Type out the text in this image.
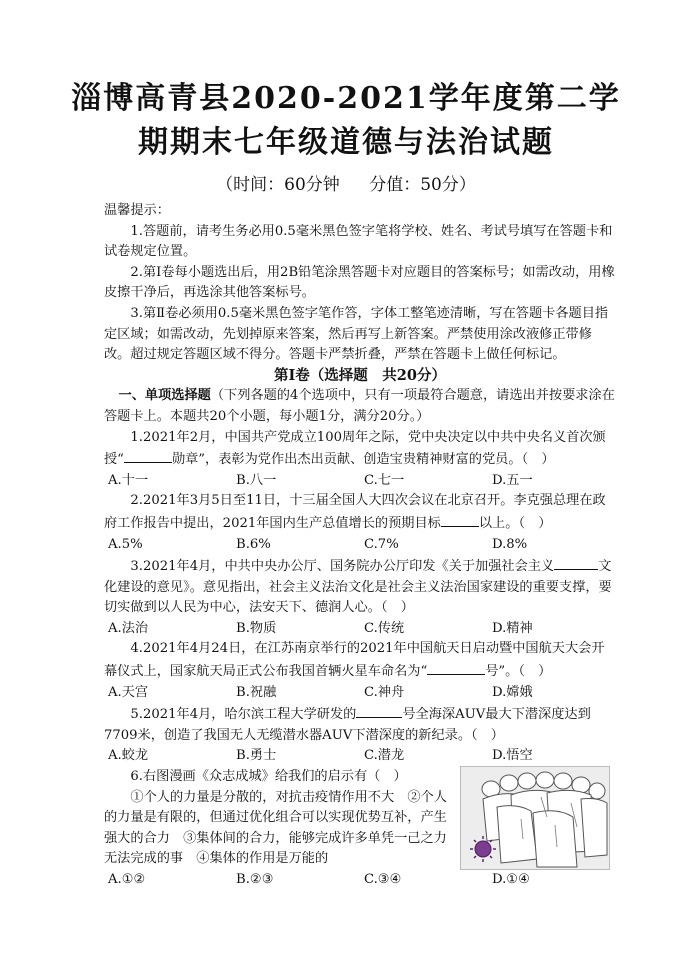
淄博高青县2020-2021学年度第二学
期期末七年级道德与法治试题
（时间：60分钟 分值：50分）

温馨提示：

1.答题前，请考生务必用0.5毫米黑色签字笔将学校、姓名、考试号填写在答题卡和试卷规定位置。

2.第Ⅰ卷每小题选出后，用2B铅笔涂黑答题卡对应题目的答案标号；如需改动，用橡皮擦干净后，再选涂其他答案标号。

3.第Ⅱ卷必须用0.5毫米黑色签字笔作答，字体工整笔迹清晰，写在答题卡各题目指定区域；如需改动，先划掉原来答案，然后再写上新答案。严禁使用涂改液修正带修改。超过规定答题区域不得分。答题卡严禁折叠，严禁在答题卡上做任何标记。

第Ⅰ卷（选择题　共20分）

一、单项选择题（下列各题的4个选项中，只有一项最符合题意，请选出并按要求涂在答题卡上。本题共20个小题，每小题1分，满分20分。）

1.2021年2月，中国共产党成立100周年之际，党中央决定以中共中央名义首次颁授“	勋章”，表彰为党作出杰出贡献、创造宝贵精神财富的党员。（　）

A.十一	B.八一	C.七一	D.五一

2.2021年3月5日至11日，十三届全国人大四次会议在北京召开。李克强总理在政府工作报告中提出，2021年国内生产总值增长的预期目标	以上。（　）

A.5%	B.6%	C.7%	D.8%

3.2021年4月，中共中央办公厅、国务院办公厅印发《关于加强社会主义	文化建设的意见》。意见指出，社会主义法治文化是社会主义法治国家建设的重要支撑，要切实做到以人民为中心，法安天下、德润人心。（　）

A.法治	B.物质	C.传统	D.精神

4.2021年4月24日，在江苏南京举行的2021年中国航天日启动暨中国航天大会开幕仪式上，国家航天局正式公布我国首辆火星车命名为“	号”。（　）

A.天宫	B.祝融	C.神舟	D.嫦娥

5.2021年4月，哈尔滨工程大学研发的	号全海深AUV最大下潜深度达到7709米，创造了我国无人无缆潜水器AUV下潜深度的新纪录。（　）

A.蛟龙	B.勇士	C.潜龙	D.悟空

6.右图漫画《众志成城》给我们的启示有（　）

①个人的力量是分散的，对抗击疫情作用不大　②个人的力量是有限的，但通过优化组合可以实现优势互补，产生强大的合力　③集体间的合力，能够完成许多单凭一己之力无法完成的事　④集体的作用是万能的

A.①②	B.②③	C.③④	D.①④
